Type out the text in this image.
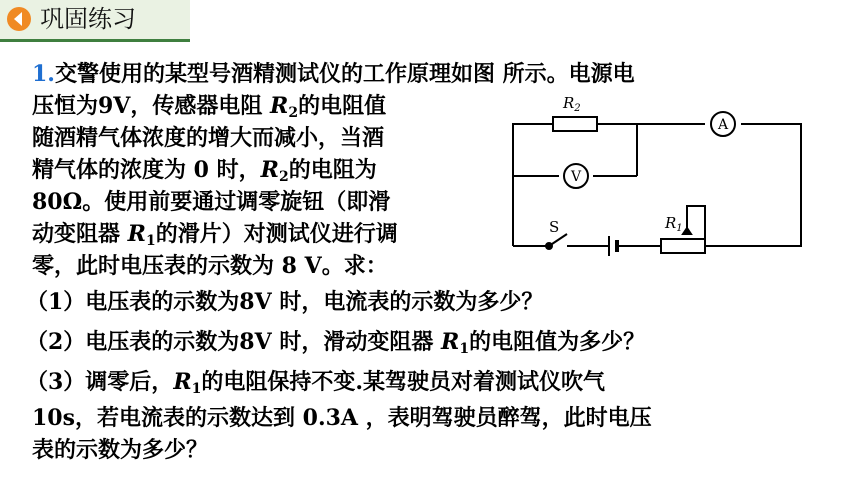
巩固练习
1.交警使用的某型号酒精测试仪的工作原理如图 所示。电源电
压恒为9V，传感器电阻 $R_2$的电阻值
随酒精气体浓度的增大而减小，当酒
精气体的浓度为 0 时，$R_2$的电阻为
80Ω。使用前要通过调零旋钮（即滑
动变阻器 $R_1$的滑片）对测试仪进行调
零，此时电压表的示数为 8 V。求：
（1）电压表的示数为8V 时，电流表的示数为多少？
（2）电压表的示数为8V 时，滑动变阻器 $R_1$的电阻值为多少？
（3）调零后，$R_1$的电阻保持不变.某驾驶员对着测试仪吹气
10s，若电流表的示数达到 0.3A ，表明驾驶员醉驾，此时电压
表的示数为多少？
$R_2$
A
V
S	$R_1$
